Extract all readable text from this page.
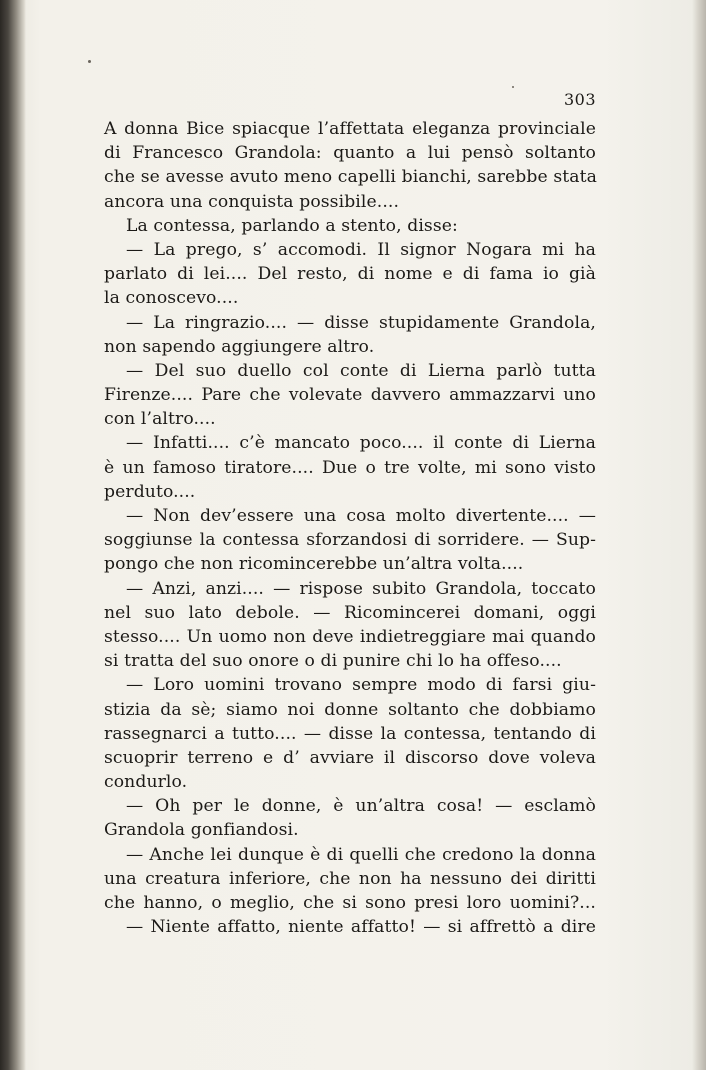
303
A donna Bice spiacque l’affettata eleganza provinciale
di Francesco Grandola: quanto a lui pensò soltanto
che se avesse avuto meno capelli bianchi, sarebbe stata
ancora una conquista possibile....
La contessa, parlando a stento, disse:
— La prego, s’ accomodi. Il signor Nogara mi ha
parlato di lei.... Del resto, di nome e di fama io già
la conoscevo....
— La ringrazio.... — disse stupidamente Grandola,
non sapendo aggiungere altro.
— Del suo duello col conte di Lierna parlò tutta
Firenze.... Pare che volevate davvero ammazzarvi uno
con l’altro....
— Infatti.... c’è mancato poco.... il conte di Lierna
è un famoso tiratore.... Due o tre volte, mi sono visto
perduto....
— Non dev’essere una cosa molto divertente.... —
soggiunse la contessa sforzandosi di sorridere. — Sup-
pongo che non ricomincerebbe un’altra volta....
— Anzi, anzi.... — rispose subito Grandola, toccato
nel suo lato debole. — Ricomincerei domani, oggi
stesso.... Un uomo non deve indietreggiare mai quando
si tratta del suo onore o di punire chi lo ha offeso....
— Loro uomini trovano sempre modo di farsi giu-
stizia da sè; siamo noi donne soltanto che dobbiamo
rassegnarci a tutto.... — disse la contessa, tentando di
scuoprir terreno e d’ avviare il discorso dove voleva
condurlo.
— Oh per le donne, è un’altra cosa! — esclamò
Grandola gonfiandosi.
— Anche lei dunque è di quelli che credono la donna
una creatura inferiore, che non ha nessuno dei diritti
che hanno, o meglio, che si sono presi loro uomini?...
— Niente affatto, niente affatto! — si affrettò a dire
